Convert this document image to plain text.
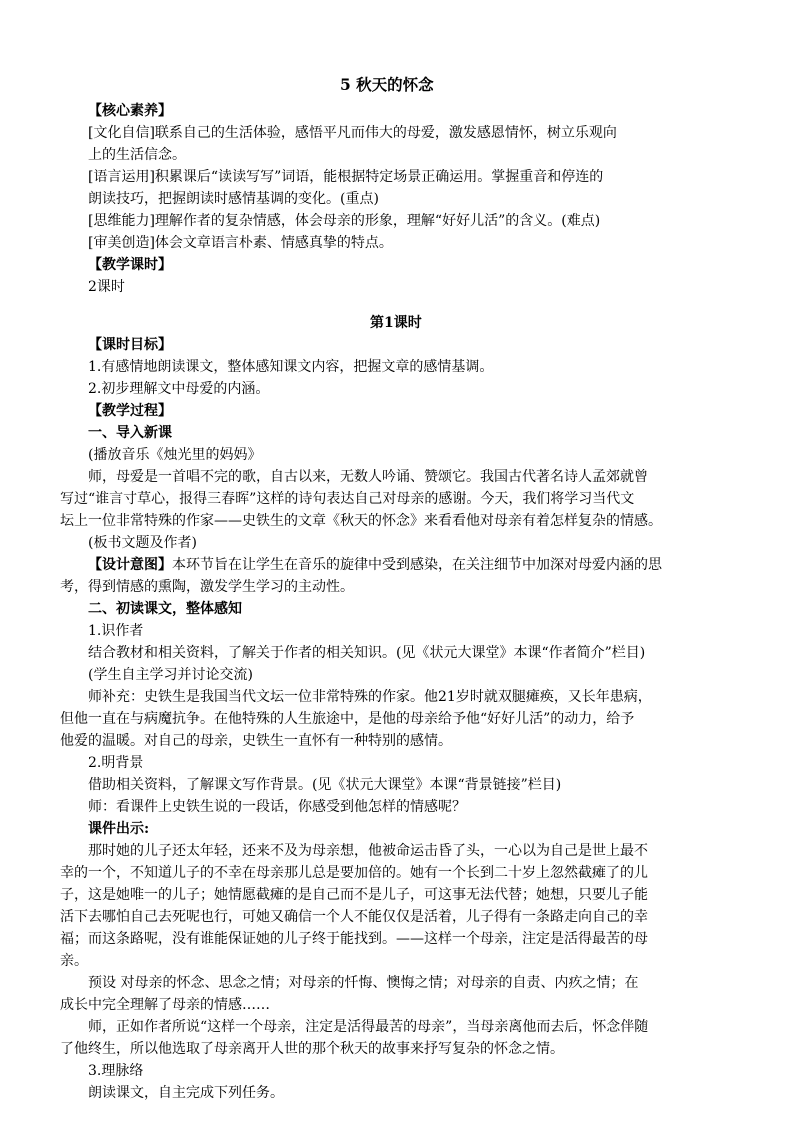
5 秋天的怀念
【核心素养】
[文化自信]联系自己的生活体验，感悟平凡而伟大的母爱，激发感恩情怀，树立乐观向
上的生活信念。
[语言运用]积累课后“读读写写”词语，能根据特定场景正确运用。掌握重音和停连的
朗读技巧，把握朗读时感情基调的变化。(重点)
[思维能力]理解作者的复杂情感，体会母亲的形象，理解“好好儿活”的含义。(难点)
[审美创造]体会文章语言朴素、情感真挚的特点。
【教学课时】
2课时
第1课时
【课时目标】
1.有感情地朗读课文，整体感知课文内容，把握文章的感情基调。
2.初步理解文中母爱的内涵。
【教学过程】
一、导入新课
(播放音乐《烛光里的妈妈》
师，母爱是一首唱不完的歌，自古以来，无数人吟诵、赞颂它。我国古代著名诗人孟郊就曾
写过“谁言寸草心，报得三春晖”这样的诗句表达自己对母亲的感谢。今天，我们将学习当代文
坛上一位非常特殊的作家——史铁生的文章《秋天的怀念》来看看他对母亲有着怎样复杂的情感。
(板书文题及作者)
【设计意图】本环节旨在让学生在音乐的旋律中受到感染，在关注细节中加深对母爱内涵的思
考，得到情感的熏陶，激发学生学习的主动性。
二、初读课文，整体感知
1.识作者
结合教材和相关资料，了解关于作者的相关知识。(见《状元大课堂》本课“作者简介”栏目)
(学生自主学习并讨论交流)
师补充：史铁生是我国当代文坛一位非常特殊的作家。他21岁时就双腿瘫痪，又长年患病，
但他一直在与病魔抗争。在他特殊的人生旅途中，是他的母亲给予他“好好儿活”的动力，给予
他爱的温暖。对自己的母亲，史铁生一直怀有一种特别的感情。
2.明背景
借助相关资料，了解课文写作背景。(见《状元大课堂》本课“背景链接”栏目)
师：看课件上史铁生说的一段话，你感受到他怎样的情感呢？
课件出示:
那时她的儿子还太年轻，还来不及为母亲想，他被命运击昏了头，一心以为自己是世上最不
幸的一个，不知道儿子的不幸在母亲那儿总是要加倍的。她有一个长到二十岁上忽然截瘫了的儿
子，这是她唯一的儿子；她情愿截瘫的是自己而不是儿子，可这事无法代替；她想，只要儿子能
活下去哪怕自己去死呢也行，可她又确信一个人不能仅仅是活着，儿子得有一条路走向自己的幸
福；而这条路呢，没有谁能保证她的儿子终于能找到。——这样一个母亲，注定是活得最苦的母
亲。
预设 对母亲的怀念、思念之情；对母亲的忏悔、懊悔之情；对母亲的自责、内疚之情；在
成长中完全理解了母亲的情感……
师，正如作者所说“这样一个母亲，注定是活得最苦的母亲”，当母亲离他而去后，怀念伴随
了他终生，所以他选取了母亲离开人世的那个秋天的故事来抒写复杂的怀念之情。
3.理脉络
朗读课文，自主完成下列任务。
